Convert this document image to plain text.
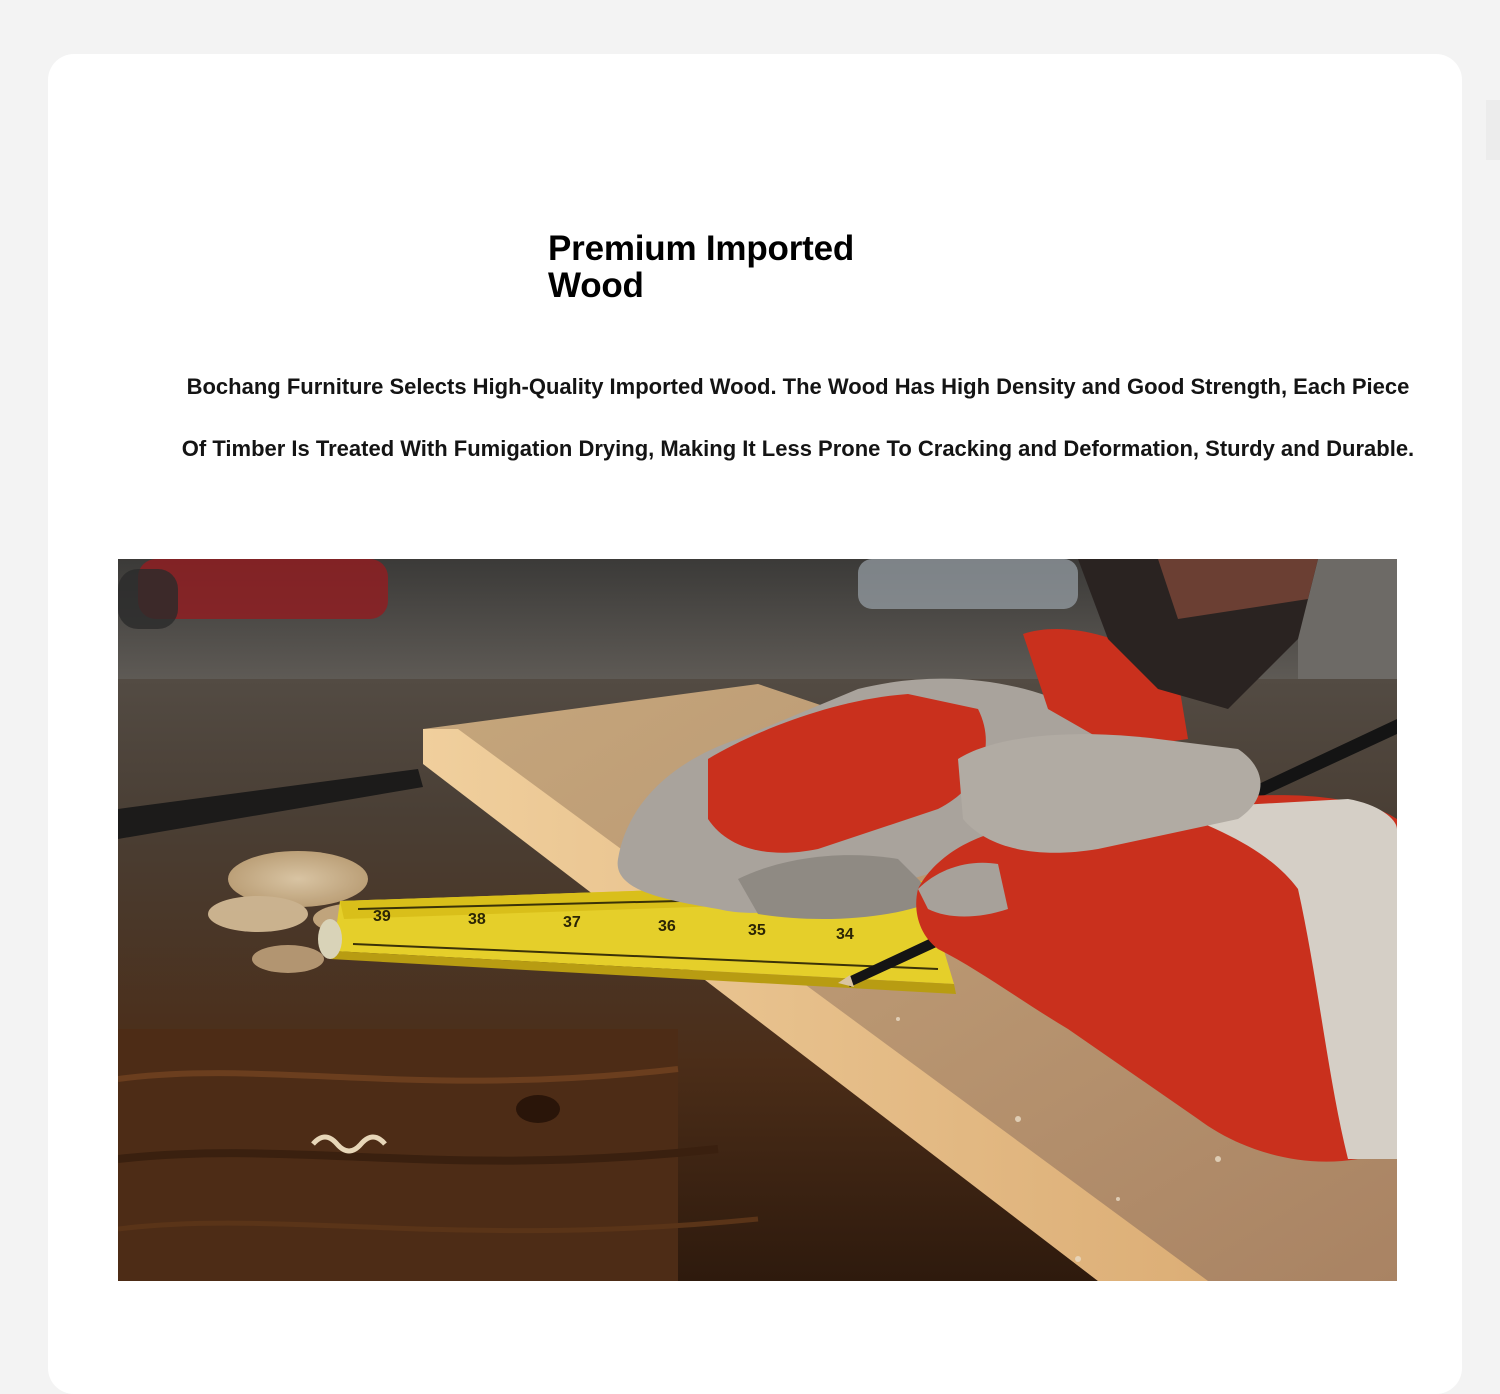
Premium Imported
Wood

Bochang Furniture Selects High-Quality Imported Wood. The Wood Has High Density and Good Strength, Each Piece
Of Timber Is Treated With Fumigation Drying, Making It Less Prone To Cracking and Deformation, Sturdy and Durable.

39	38	37	36	35	34
